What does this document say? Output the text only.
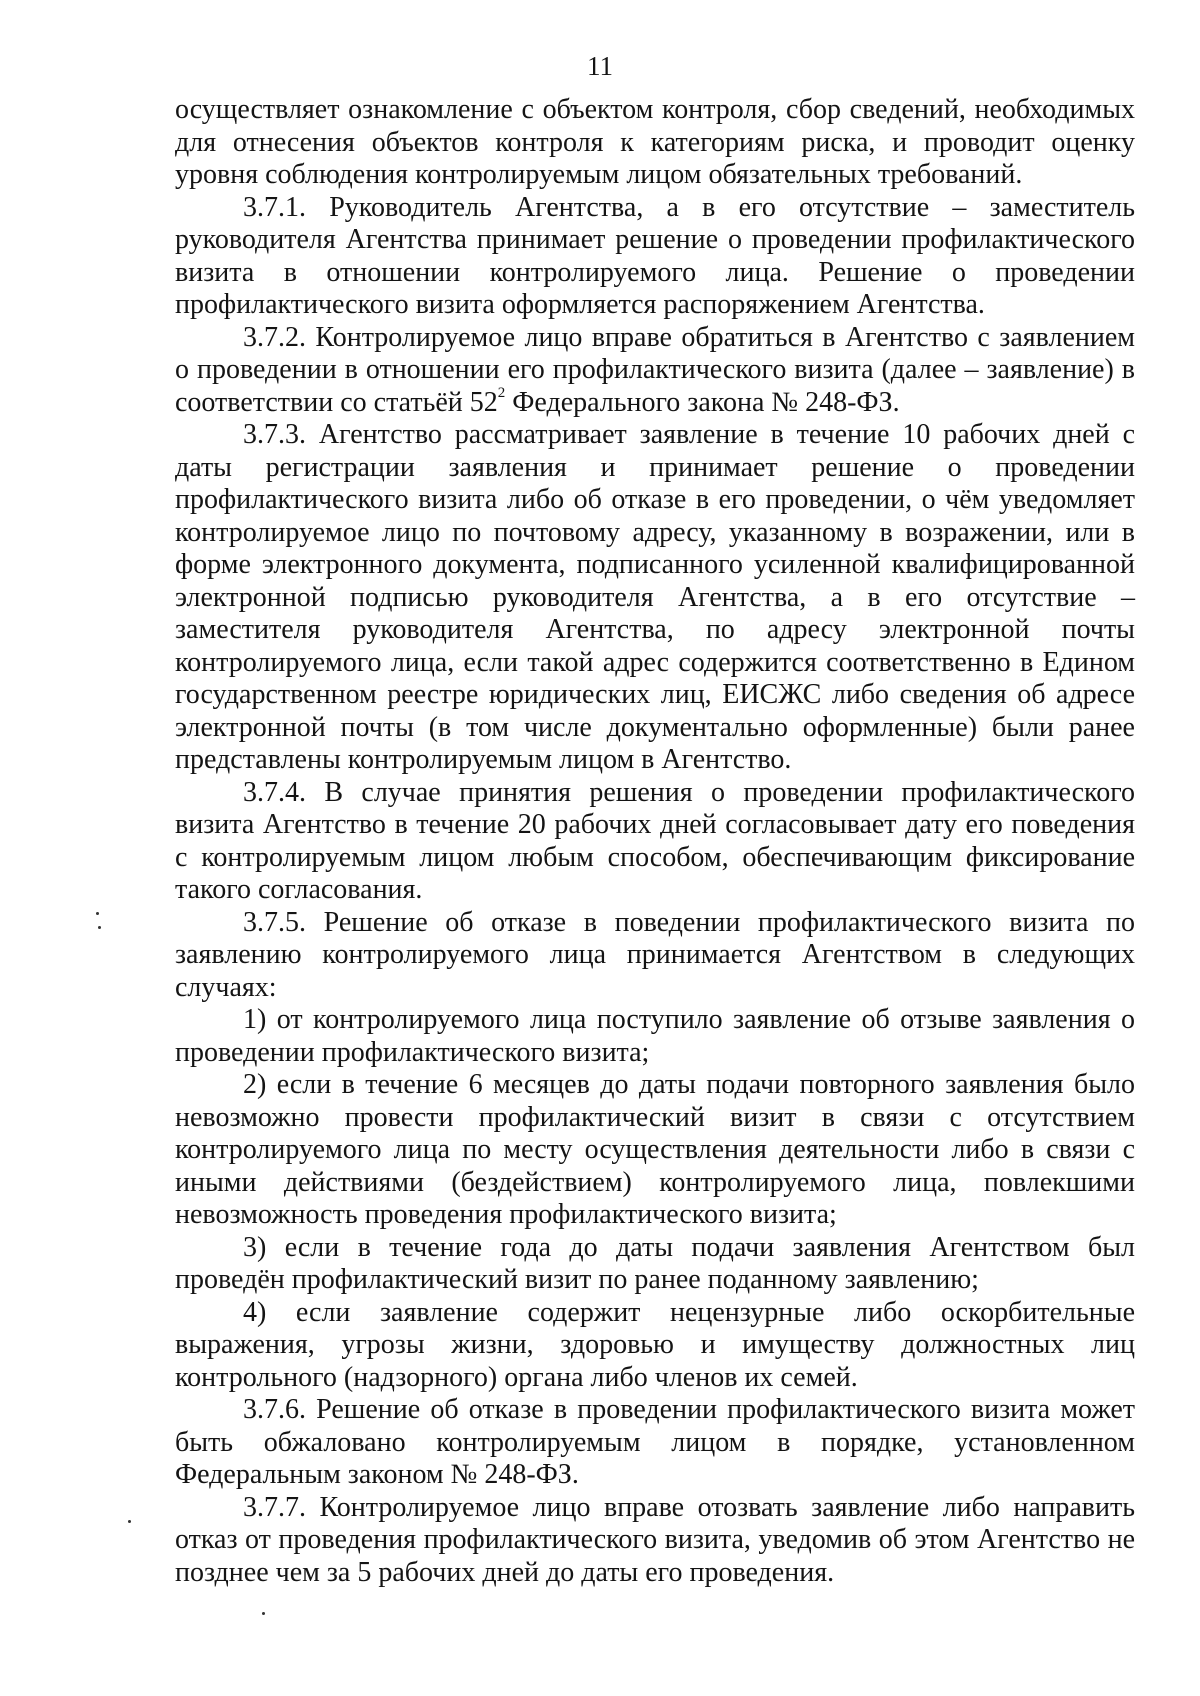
11

осуществляет ознакомление с объектом контроля, сбор сведений, необходимых для отнесения объектов контроля к категориям риска, и проводит оценку уровня соблюдения контролируемым лицом обязательных требований.

3.7.1. Руководитель Агентства, а в его отсутствие – заместитель руководителя Агентства принимает решение о проведении профилактического визита в отношении контролируемого лица. Решение о проведении профилактического визита оформляется распоряжением Агентства.

3.7.2. Контролируемое лицо вправе обратиться в Агентство с заявлением о проведении в отношении его профилактического визита (далее – заявление) в соответствии со статьёй $52^2$ Федерального закона № 248-ФЗ.

3.7.3. Агентство рассматривает заявление в течение 10 рабочих дней с даты регистрации заявления и принимает решение о проведении профилактического визита либо об отказе в его проведении, о чём уведомляет контролируемое лицо по почтовому адресу, указанному в возражении, или в форме электронного документа, подписанного усиленной квалифицированной электронной подписью руководителя Агентства, а в его отсутствие – заместителя руководителя Агентства, по адресу электронной почты контролируемого лица, если такой адрес содержится соответственно в Едином государственном реестре юридических лиц, ЕИСЖС либо сведения об адресе электронной почты (в том числе документально оформленные) были ранее представлены контролируемым лицом в Агентство.

3.7.4. В случае принятия решения о проведении профилактического визита Агентство в течение 20 рабочих дней согласовывает дату его поведения с контролируемым лицом любым способом, обеспечивающим фиксирование такого согласования.

3.7.5. Решение об отказе в поведении профилактического визита по заявлению контролируемого лица принимается Агентством в следующих случаях:

1) от контролируемого лица поступило заявление об отзыве заявления о проведении профилактического визита;

2) если в течение 6 месяцев до даты подачи повторного заявления было невозможно провести профилактический визит в связи с отсутствием контролируемого лица по месту осуществления деятельности либо в связи с иными действиями (бездействием) контролируемого лица, повлекшими невозможность проведения профилактического визита;

3) если в течение года до даты подачи заявления Агентством был проведён профилактический визит по ранее поданному заявлению;

4) если заявление содержит нецензурные либо оскорбительные выражения, угрозы жизни, здоровью и имуществу должностных лиц контрольного (надзорного) органа либо членов их семей.

3.7.6. Решение об отказе в проведении профилактического визита может быть обжаловано контролируемым лицом в порядке, установленном Федеральным законом № 248-ФЗ.

3.7.7. Контролируемое лицо вправе отозвать заявление либо направить отказ от проведения профилактического визита, уведомив об этом Агентство не позднее чем за 5 рабочих дней до даты его проведения.
